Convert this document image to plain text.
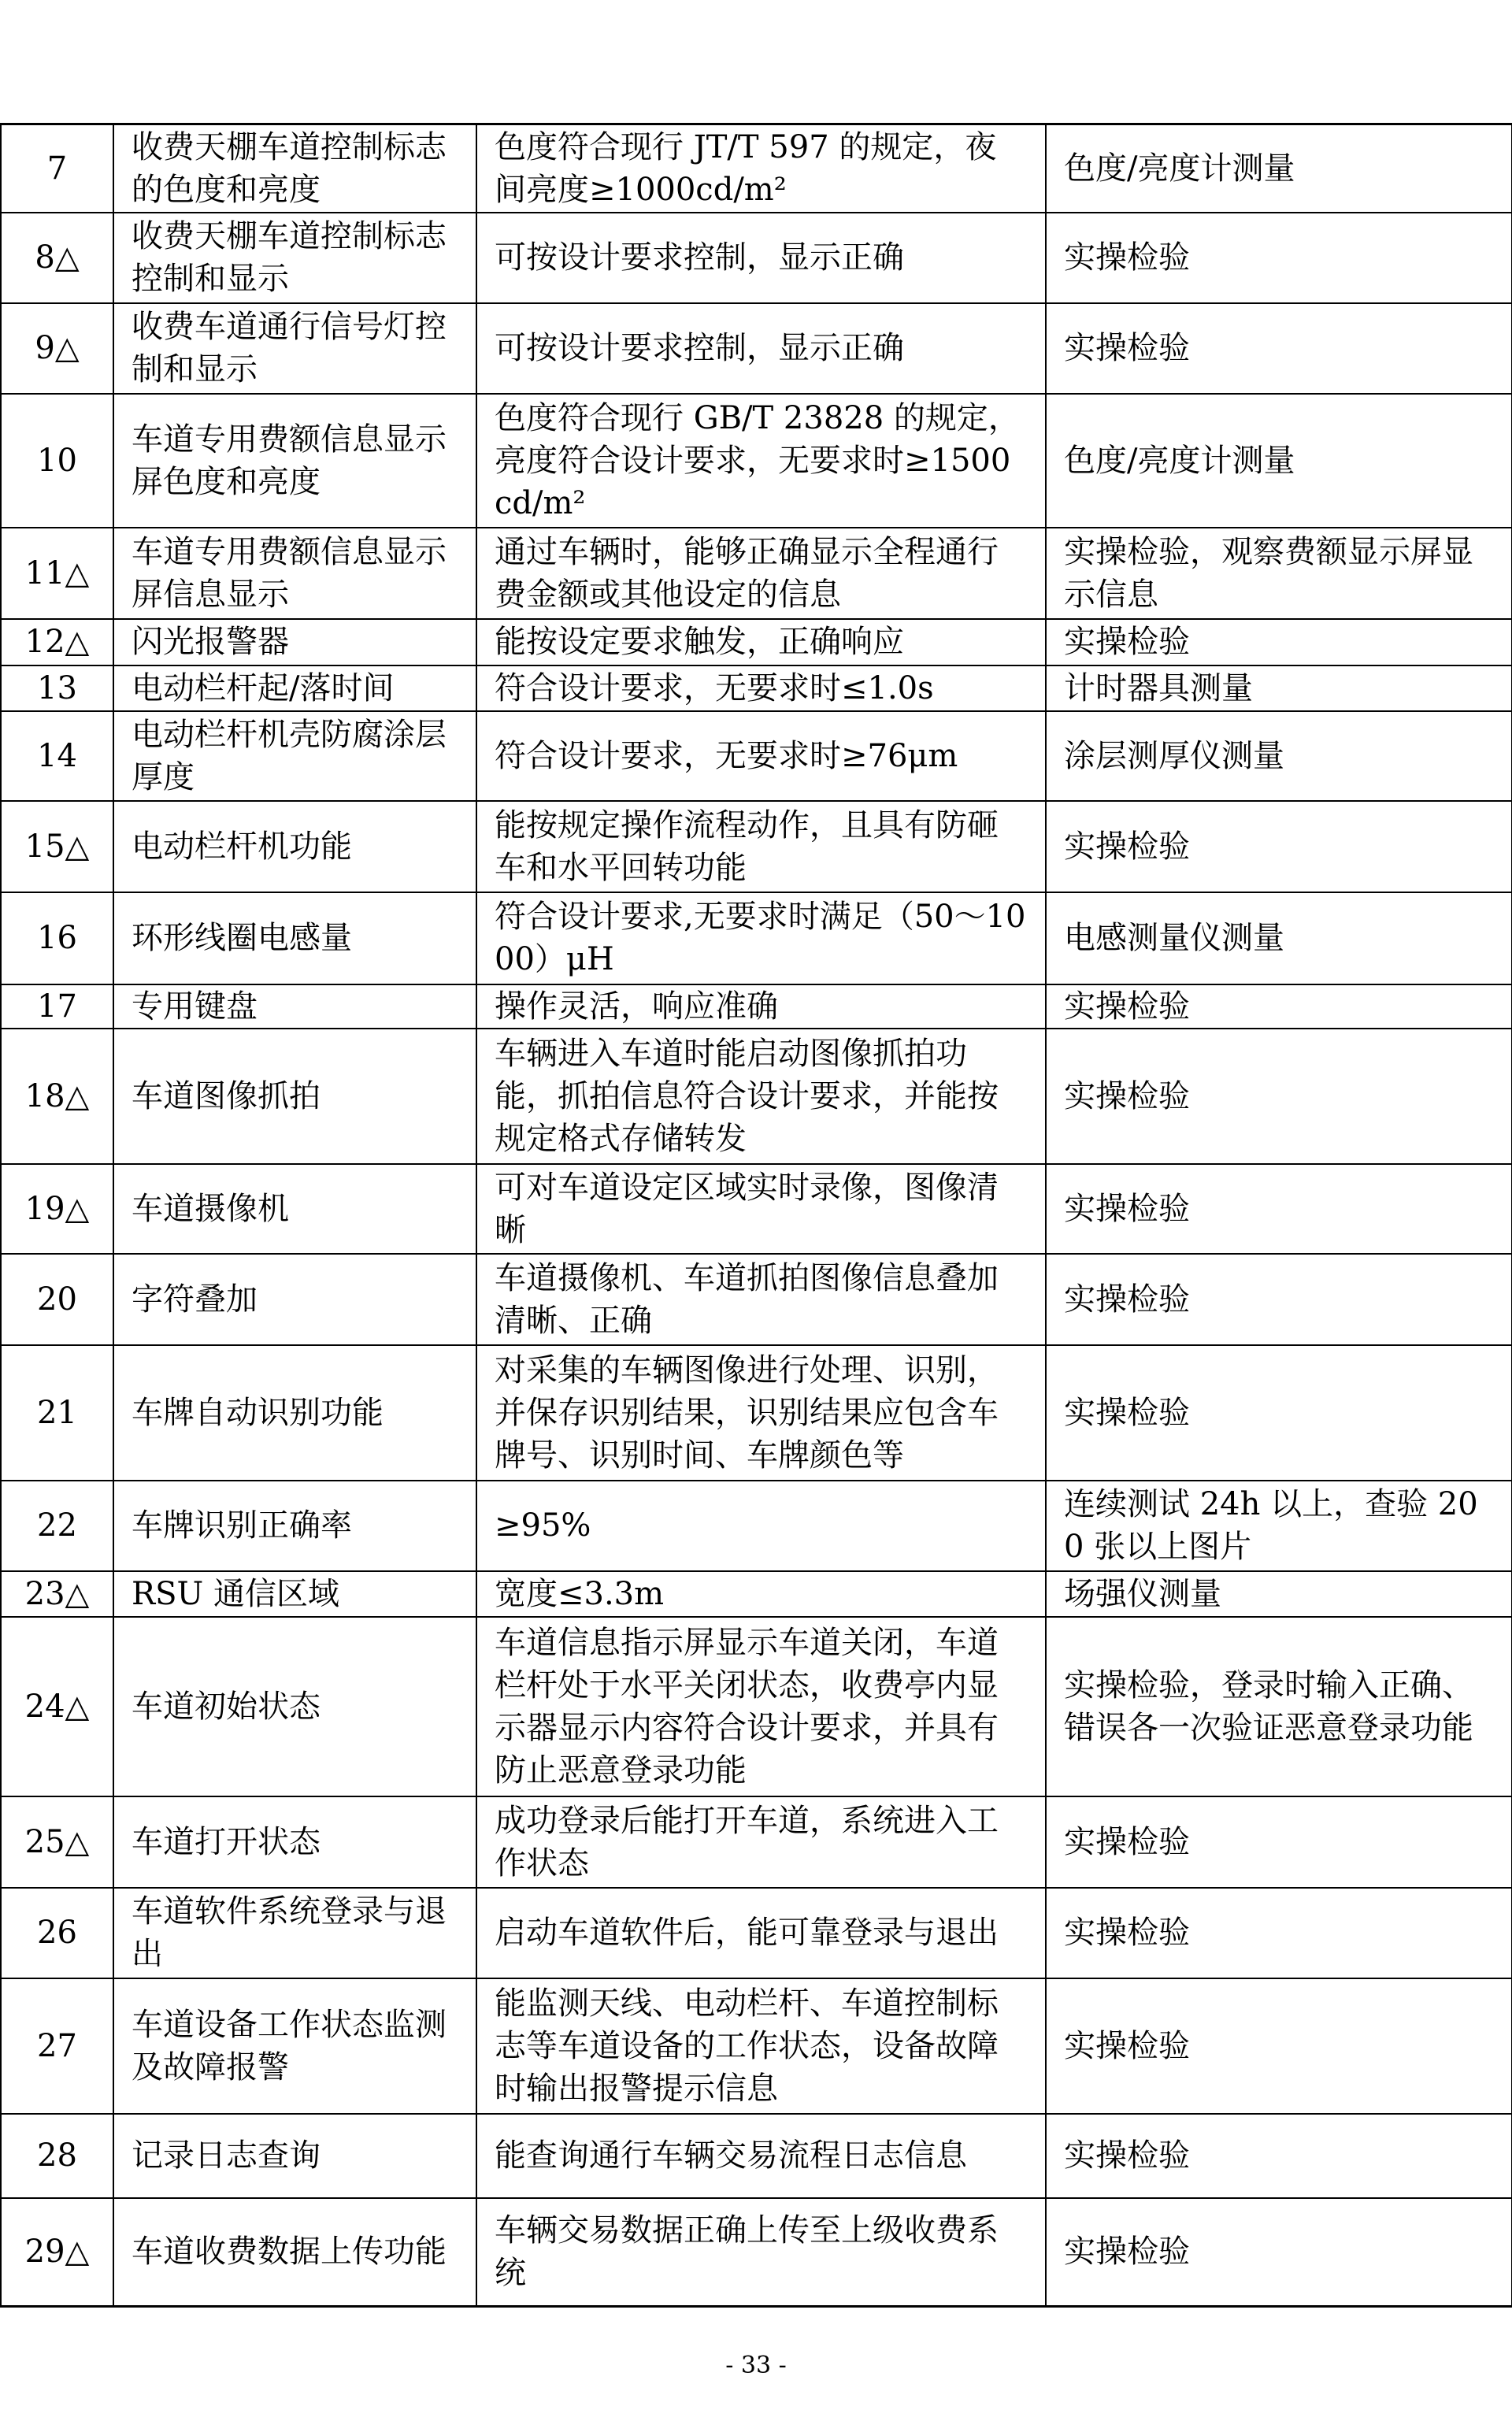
7	收费天棚车道控制标志的色度和亮度	色度符合现行 JT/T 597 的规定，夜间亮度≥1000cd/m²	色度/亮度计测量
8△	收费天棚车道控制标志控制和显示	可按设计要求控制，显示正确	实操检验
9△	收费车道通行信号灯控制和显示	可按设计要求控制，显示正确	实操检验
10	车道专用费额信息显示屏色度和亮度	色度符合现行 GB/T 23828 的规定，亮度符合设计要求，无要求时≥1500cd/m²	色度/亮度计测量
11△	车道专用费额信息显示屏信息显示	通过车辆时，能够正确显示全程通行费金额或其他设定的信息	实操检验，观察费额显示屏显示信息
12△	闪光报警器	能按设定要求触发，正确响应	实操检验
13	电动栏杆起/落时间	符合设计要求，无要求时≤1.0s	计时器具测量
14	电动栏杆机壳防腐涂层厚度	符合设计要求，无要求时≥76μm	涂层测厚仪测量
15△	电动栏杆机功能	能按规定操作流程动作，且具有防砸车和水平回转功能	实操检验
16	环形线圈电感量	符合设计要求,无要求时满足（50～1000）μH	电感测量仪测量
17	专用键盘	操作灵活，响应准确	实操检验
18△	车道图像抓拍	车辆进入车道时能启动图像抓拍功能，抓拍信息符合设计要求，并能按规定格式存储转发	实操检验
19△	车道摄像机	可对车道设定区域实时录像，图像清晰	实操检验
20	字符叠加	车道摄像机、车道抓拍图像信息叠加清晰、正确	实操检验
21	车牌自动识别功能	对采集的车辆图像进行处理、识别，并保存识别结果，识别结果应包含车牌号、识别时间、车牌颜色等	实操检验
22	车牌识别正确率	≥95%	连续测试 24h 以上，查验 200 张以上图片
23△	RSU 通信区域	宽度≤3.3m	场强仪测量
24△	车道初始状态	车道信息指示屏显示车道关闭，车道栏杆处于水平关闭状态，收费亭内显示器显示内容符合设计要求，并具有防止恶意登录功能	实操检验，登录时输入正确、错误各一次验证恶意登录功能
25△	车道打开状态	成功登录后能打开车道，系统进入工作状态	实操检验
26	车道软件系统登录与退出	启动车道软件后，能可靠登录与退出	实操检验
27	车道设备工作状态监测及故障报警	能监测天线、电动栏杆、车道控制标志等车道设备的工作状态，设备故障时输出报警提示信息	实操检验
28	记录日志查询	能查询通行车辆交易流程日志信息	实操检验
29△	车道收费数据上传功能	车辆交易数据正确上传至上级收费系统	实操检验
- 33 -
